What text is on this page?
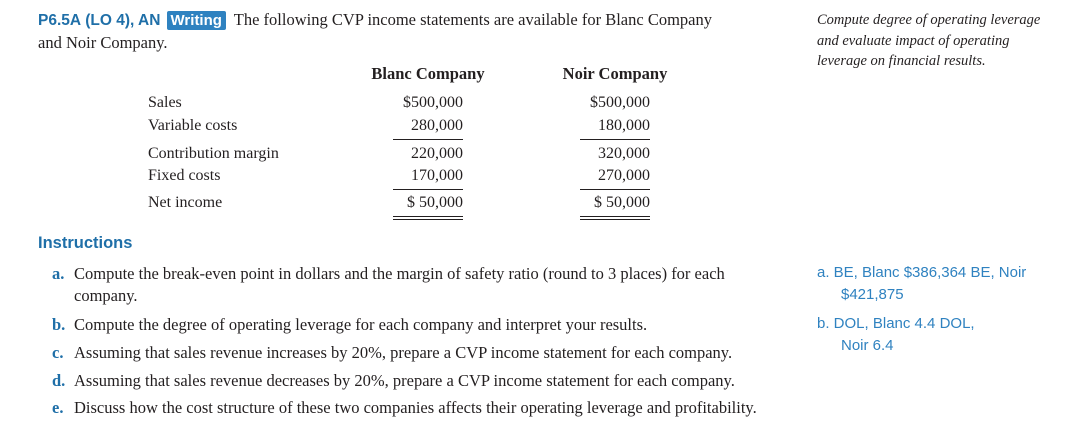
P6.5A (LO 4), AN Writing The following CVP income statements are available for Blanc Company
and Noir Company.
Compute degree of operating leverage
and evaluate impact of operating
leverage on financial results.
Blanc Company	Noir Company
Sales	$500,000	$500,000
Variable costs	280,000	180,000
Contribution margin	220,000	320,000
Fixed costs	170,000	270,000
Net income	$ 50,000	$ 50,000
Instructions
a. Compute the break-even point in dollars and the margin of safety ratio (round to 3 places) for each
company.
b. Compute the degree of operating leverage for each company and interpret your results.
c. Assuming that sales revenue increases by 20%, prepare a CVP income statement for each company.
d. Assuming that sales revenue decreases by 20%, prepare a CVP income statement for each company.
e. Discuss how the cost structure of these two companies affects their operating leverage and profitability.
a. BE, Blanc $386,364 BE, Noir
$421,875
b. DOL, Blanc 4.4 DOL,
Noir 6.4
